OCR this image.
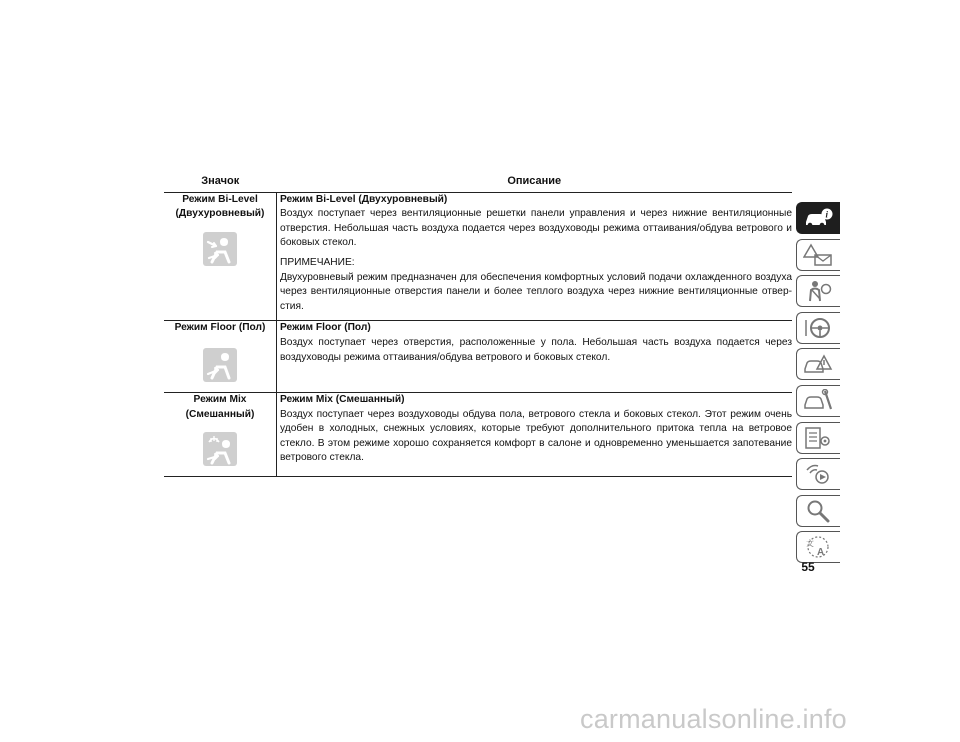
Значок	Описание

Режим Bi-Level
(Двухуровневый)	Режим Bi-Level (Двухуровневый)
Воздух поступает через вентиляционные решетки панели управления и через нижние вентиляционные отверстия. Небольшая часть воздуха подается через воздуховоды режима оттаивания/обдува ветрового и боковых стекол.
ПРИМЕЧАНИЕ:
Двухуровневый режим предназначен для обеспечения комфортных условий подачи охлажденного воздуха через вентиляционные отверстия панели и более теплого воздуха через нижние вентиляционные отвер-стия.

Режим Floor (Пол)	Режим Floor (Пол)
Воздух поступает через отверстия, расположенные у пола. Небольшая часть воздуха подается через воздуховоды режима оттаивания/обдува ветрового и боковых стекол.

Режим Mix
(Смешанный)	Режим Mix (Смешанный)
Воздух поступает через воздуховоды обдува пола, ветрового стекла и боковых стекол. Этот режим очень удобен в холодных, снежных условиях, которые требуют дополнительного притока тепла на ветровое стекло. В этом режиме хорошо сохраняется комфорт в салоне и одновременно уменьшается запотевание ветрового стекла.
i
文
A
55
carmanualsonline.info
